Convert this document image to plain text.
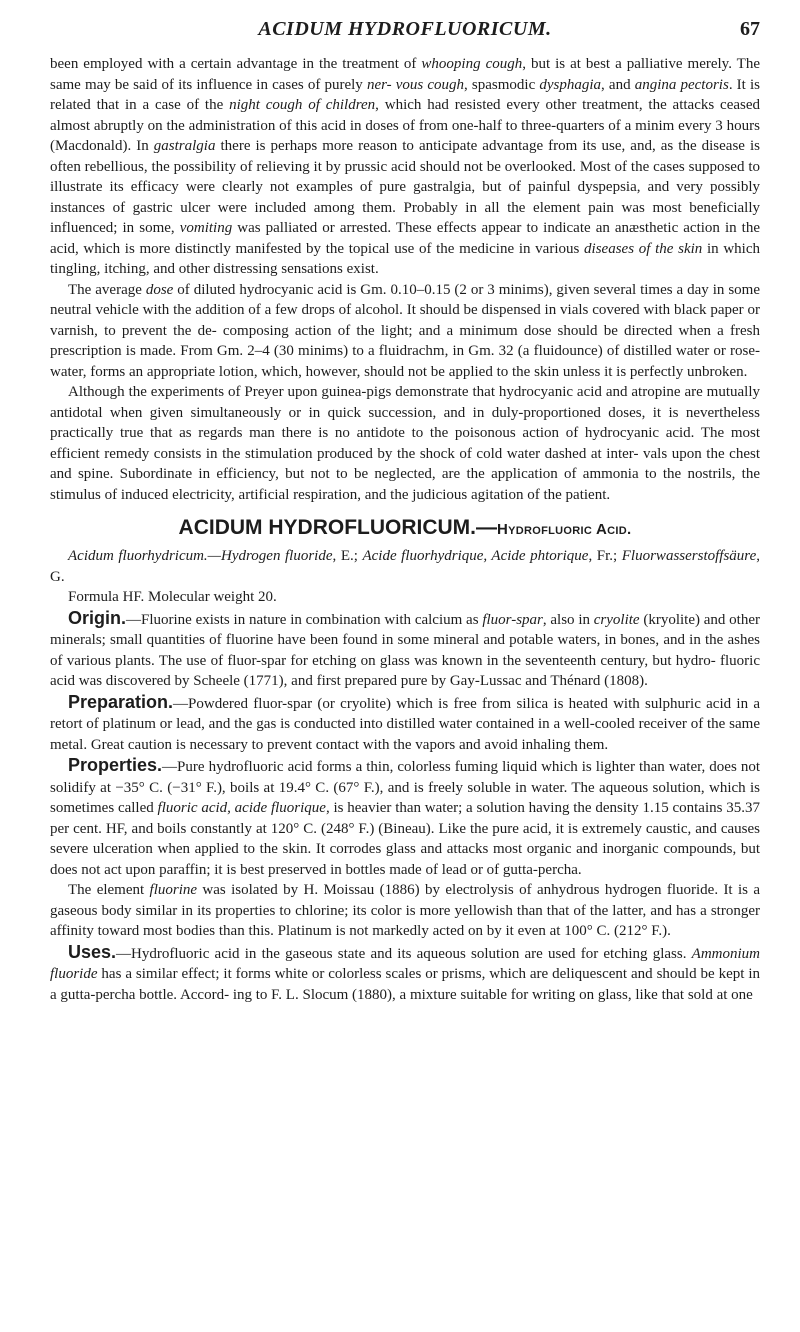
ACIDUM HYDROFLUORICUM.	67

been employed with a certain advantage in the treatment of whooping cough, but is at best a palliative merely. The same may be said of its influence in cases of purely ner- vous cough, spasmodic dysphagia, and angina pectoris. It is related that in a case of the night cough of children, which had resisted every other treatment, the attacks ceased almost abruptly on the administration of this acid in doses of from one-half to three-quarters of a minim every 3 hours (Macdonald). In gastralgia there is perhaps more reason to anticipate advantage from its use, and, as the disease is often rebellious, the possibility of relieving it by prussic acid should not be overlooked. Most of the cases supposed to illustrate its efficacy were clearly not examples of pure gastralgia, but of painful dyspepsia, and very possibly instances of gastric ulcer were included among them. Probably in all the element pain was most beneficially influenced; in some, vomiting was palliated or arrested. These effects appear to indicate an anæsthetic action in the acid, which is more distinctly manifested by the topical use of the medicine in various diseases of the skin in which tingling, itching, and other distressing sensations exist.

The average dose of diluted hydrocyanic acid is Gm. 0.10–0.15 (2 or 3 minims), given several times a day in some neutral vehicle with the addition of a few drops of alcohol. It should be dispensed in vials covered with black paper or varnish, to prevent the de- composing action of the light; and a minimum dose should be directed when a fresh prescription is made. From Gm. 2–4 (30 minims) to a fluidrachm, in Gm. 32 (a fluidounce) of distilled water or rose-water, forms an appropriate lotion, which, however, should not be applied to the skin unless it is perfectly unbroken.

Although the experiments of Preyer upon guinea-pigs demonstrate that hydrocyanic acid and atropine are mutually antidotal when given simultaneously or in quick succession, and in duly-proportioned doses, it is nevertheless practically true that as regards man there is no antidote to the poisonous action of hydrocyanic acid. The most efficient remedy consists in the stimulation produced by the shock of cold water dashed at inter- vals upon the chest and spine. Subordinate in efficiency, but not to be neglected, are the application of ammonia to the nostrils, the stimulus of induced electricity, artificial respiration, and the judicious agitation of the patient.

ACIDUM HYDROFLUORICUM.—Hydrofluoric Acid.

Acidum fluorhydricum.—Hydrogen fluoride, E.; Acide fluorhydrique, Acide phtorique, Fr.; Fluorwasserstoffsäure, G.

Formula HF. Molecular weight 20.

Origin.—Fluorine exists in nature in combination with calcium as fluor-spar, also in cryolite (kryolite) and other minerals; small quantities of fluorine have been found in some mineral and potable waters, in bones, and in the ashes of various plants. The use of fluor-spar for etching on glass was known in the seventeenth century, but hydro- fluoric acid was discovered by Scheele (1771), and first prepared pure by Gay-Lussac and Thénard (1808).

Preparation.—Powdered fluor-spar (or cryolite) which is free from silica is heated with sulphuric acid in a retort of platinum or lead, and the gas is conducted into distilled water contained in a well-cooled receiver of the same metal. Great caution is necessary to prevent contact with the vapors and avoid inhaling them.

Properties.—Pure hydrofluoric acid forms a thin, colorless fuming liquid which is lighter than water, does not solidify at −35° C. (−31° F.), boils at 19.4° C. (67° F.), and is freely soluble in water. The aqueous solution, which is sometimes called fluoric acid, acide fluorique, is heavier than water; a solution having the density 1.15 contains 35.37 per cent. HF, and boils constantly at 120° C. (248° F.) (Bineau). Like the pure acid, it is extremely caustic, and causes severe ulceration when applied to the skin. It corrodes glass and attacks most organic and inorganic compounds, but does not act upon paraffin; it is best preserved in bottles made of lead or of gutta-percha.

The element fluorine was isolated by H. Moissau (1886) by electrolysis of anhydrous hydrogen fluoride. It is a gaseous body similar in its properties to chlorine; its color is more yellowish than that of the latter, and has a stronger affinity toward most bodies than this. Platinum is not markedly acted on by it even at 100° C. (212° F.).

Uses.—Hydrofluoric acid in the gaseous state and its aqueous solution are used for etching glass. Ammonium fluoride has a similar effect; it forms white or colorless scales or prisms, which are deliquescent and should be kept in a gutta-percha bottle. Accord- ing to F. L. Slocum (1880), a mixture suitable for writing on glass, like that sold at one
